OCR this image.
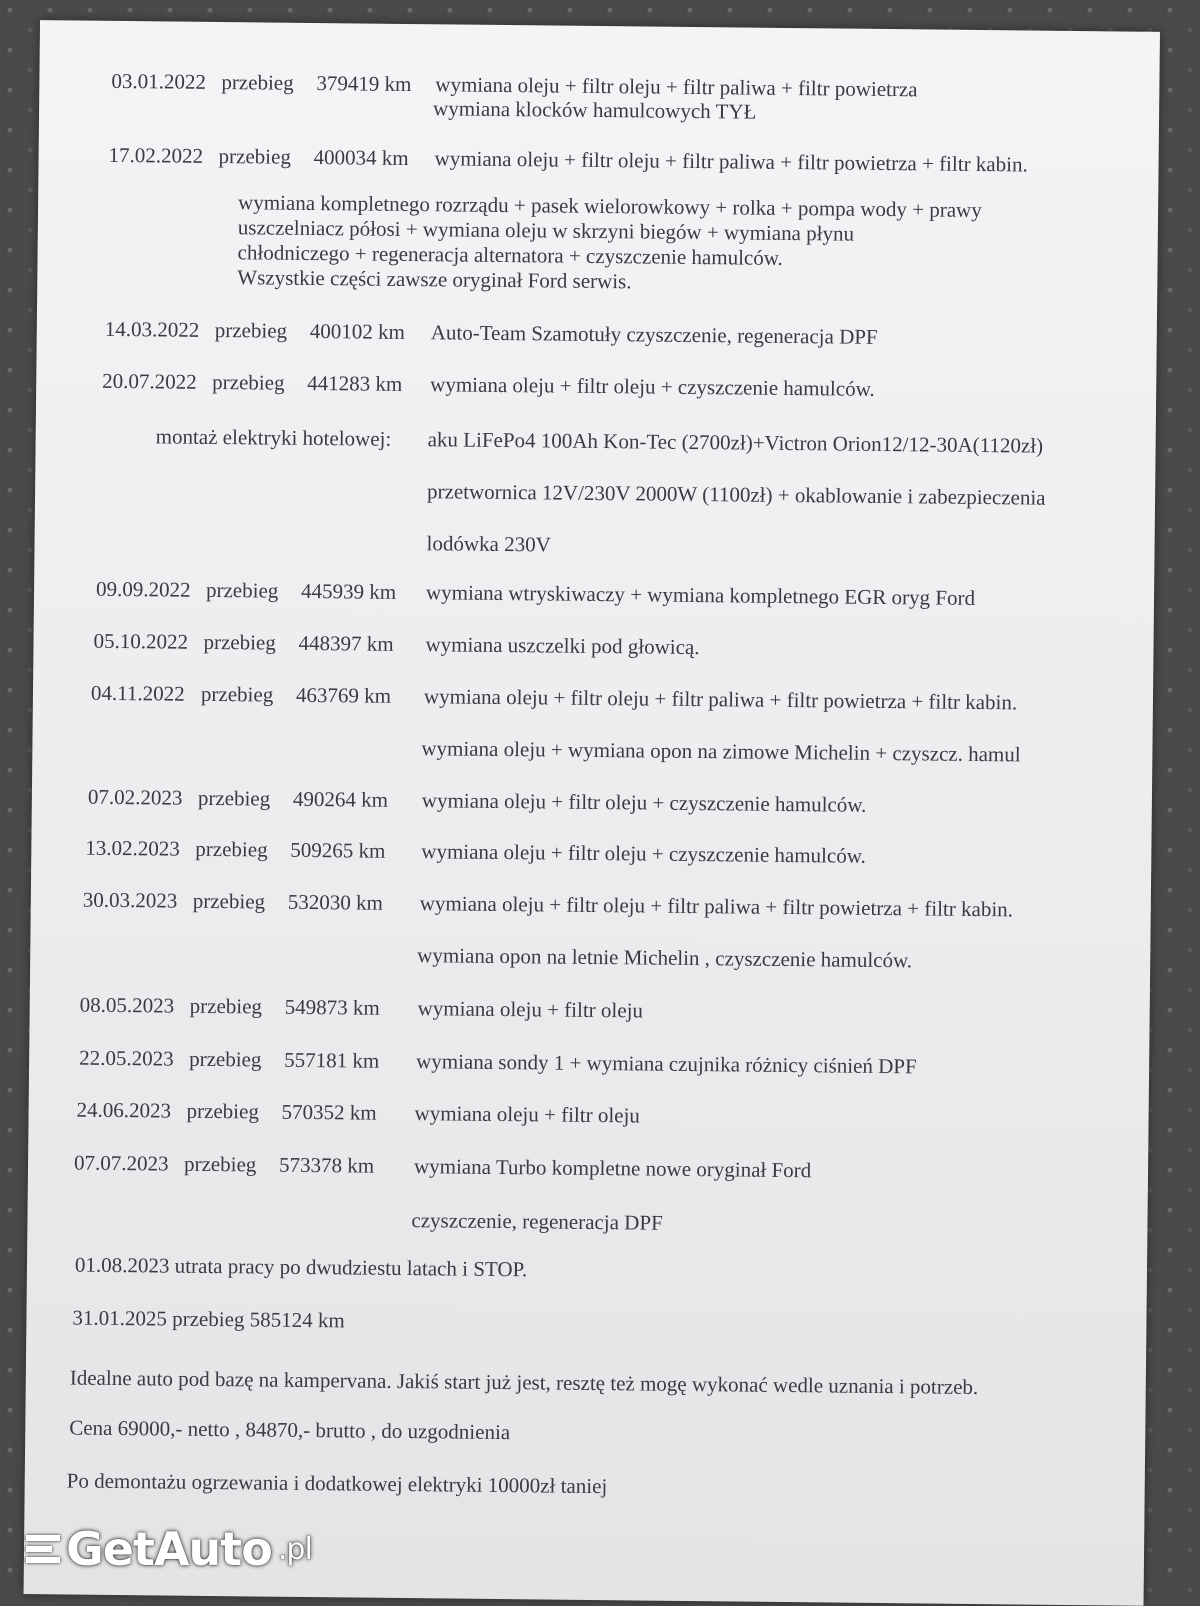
03.01.2022 przebieg 379419 km wymiana oleju + filtr oleju + filtr paliwa + filtr powietrza
wymiana klocków hamulcowych TYŁ
17.02.2022 przebieg 400034 km wymiana oleju + filtr oleju + filtr paliwa + filtr powietrza + filtr kabin.
14.03.2022 przebieg 400102 km Auto-Team Szamotuły czyszczenie, regeneracja DPF
20.07.2022 przebieg 441283 km wymiana oleju + filtr oleju + czyszczenie hamulców.
09.09.2022 przebieg 445939 km wymiana wtryskiwaczy + wymiana kompletnego EGR oryg Ford
05.10.2022 przebieg 448397 km wymiana uszczelki pod głowicą.
04.11.2022 przebieg 463769 km wymiana oleju + filtr oleju + filtr paliwa + filtr powietrza + filtr kabin.
wymiana oleju + wymiana opon na zimowe Michelin + czyszcz. hamul
07.02.2023 przebieg 490264 km wymiana oleju + filtr oleju + czyszczenie hamulców.
13.02.2023 przebieg 509265 km wymiana oleju + filtr oleju + czyszczenie hamulców.
30.03.2023 przebieg 532030 km wymiana oleju + filtr oleju + filtr paliwa + filtr powietrza + filtr kabin.
wymiana opon na letnie Michelin , czyszczenie hamulców.
08.05.2023 przebieg 549873 km wymiana oleju + filtr oleju
22.05.2023 przebieg 557181 km wymiana sondy 1 + wymiana czujnika różnicy ciśnień DPF
24.06.2023 przebieg 570352 km wymiana oleju + filtr oleju
07.07.2023 przebieg 573378 km wymiana Turbo kompletne nowe oryginał Ford
czyszczenie, regeneracja DPF
wymiana kompletnego rozrządu + pasek wielorowkowy + rolka + pompa wody + prawy
uszczelniacz półosi + wymiana oleju w skrzyni biegów + wymiana płynu
chłodniczego + regeneracja alternatora + czyszczenie hamulców.
Wszystkie części zawsze oryginał Ford serwis.
montaż elektryki hotelowej: aku LiFePo4 100Ah Kon-Tec (2700zł)+Victron Orion12/12-30A(1120zł)
przetwornica 12V/230V 2000W (1100zł) + okablowanie i zabezpieczenia
lodówka 230V
01.08.2023 utrata pracy po dwudziestu latach i STOP.
31.01.2025 przebieg 585124 km
Idealne auto pod bazę na kampervana. Jakiś start już jest, resztę też mogę wykonać wedle uznania i potrzeb.
Cena 69000,- netto , 84870,- brutto , do uzgodnienia
Po demontażu ogrzewania i dodatkowej elektryki 10000zł taniej
GetAuto .pl
